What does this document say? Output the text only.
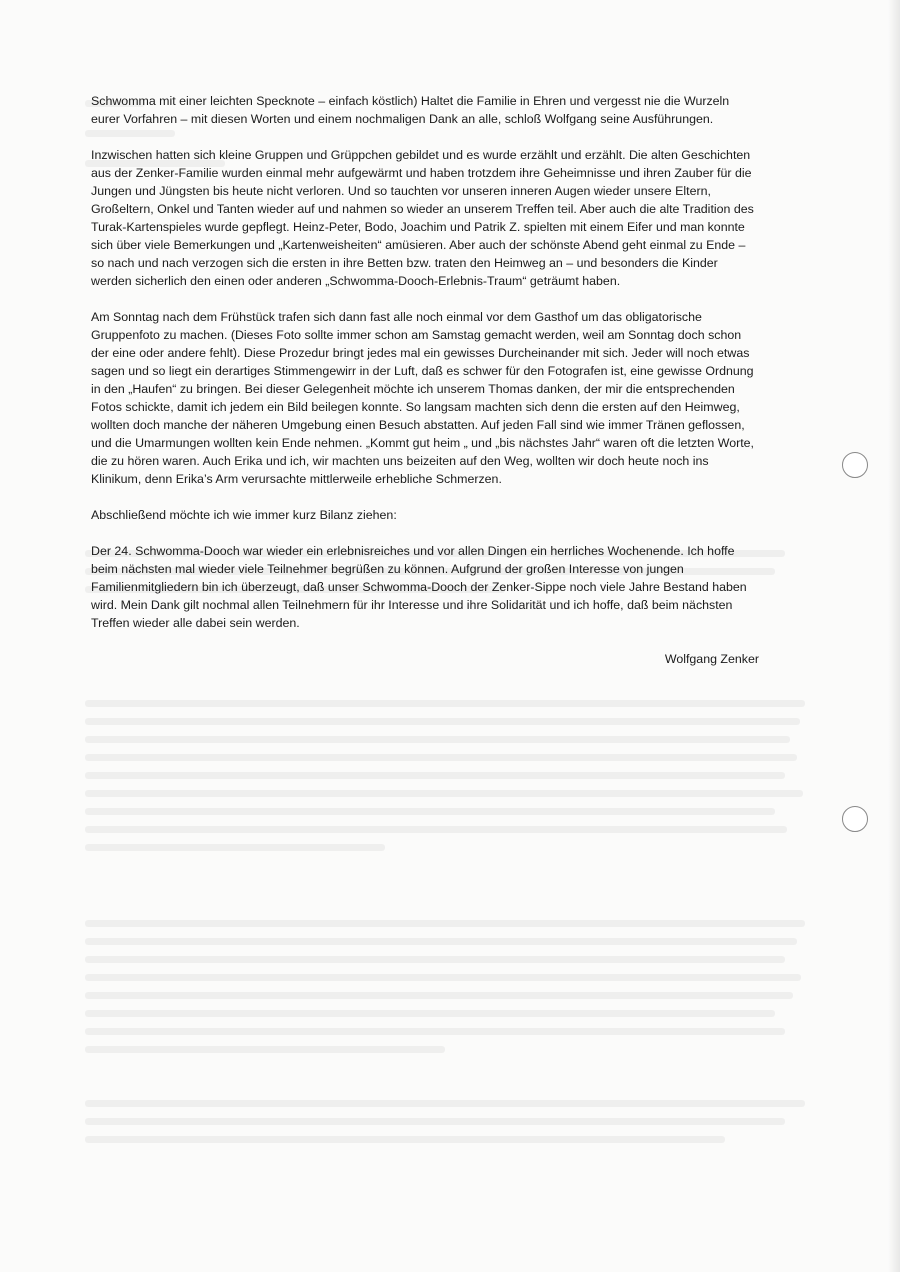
Schwomma mit einer leichten Specknote – einfach köstlich) Haltet die Familie in Ehren und vergesst nie die Wurzeln eurer Vorfahren – mit diesen Worten und einem nochmaligen Dank an alle, schloß Wolfgang seine Ausführungen.

Inzwischen hatten sich kleine Gruppen und Grüppchen gebildet und es wurde erzählt und erzählt. Die alten Geschichten aus der Zenker-Familie wurden einmal mehr aufgewärmt und haben trotzdem ihre Geheimnisse und ihren Zauber für die Jungen und Jüngsten bis heute nicht verloren. Und so tauchten vor unseren inneren Augen wieder unsere Eltern, Großeltern, Onkel und Tanten wieder auf und nahmen so wieder an unserem Treffen teil. Aber auch die alte Tradition des Turak-Kartenspieles wurde gepflegt. Heinz-Peter, Bodo, Joachim und Patrik Z. spielten mit einem Eifer und man konnte sich über viele Bemerkungen und „Kartenweisheiten“ amüsieren. Aber auch der schönste Abend geht einmal zu Ende – so nach und nach verzogen sich die ersten in ihre Betten bzw. traten den Heimweg an – und besonders die Kinder werden sicherlich den einen oder anderen „Schwomma-Dooch-Erlebnis-Traum“ geträumt haben.

Am Sonntag nach dem Frühstück trafen sich dann fast alle noch einmal vor dem Gasthof um das obligatorische Gruppenfoto zu machen. (Dieses Foto sollte immer schon am Samstag gemacht werden, weil am Sonntag doch schon der eine oder andere fehlt). Diese Prozedur bringt jedes mal ein gewisses Durcheinander mit sich. Jeder will noch etwas sagen und so liegt ein derartiges Stimmengewirr in der Luft, daß es schwer für den Fotografen ist, eine gewisse Ordnung in den „Haufen“ zu bringen. Bei dieser Gelegenheit möchte ich unserem Thomas danken, der mir die entsprechenden Fotos schickte, damit ich jedem ein Bild beilegen konnte. So langsam machten sich denn die ersten auf den Heimweg, wollten doch manche der näheren Umgebung einen Besuch abstatten. Auf jeden Fall sind wie immer Tränen geflossen, und die Umarmungen wollten kein Ende nehmen. „Kommt gut heim „ und „bis nächstes Jahr“ waren oft die letzten Worte, die zu hören waren. Auch Erika und ich, wir machten uns beizeiten auf den Weg, wollten wir doch heute noch ins Klinikum, denn Erika’s Arm verursachte mittlerweile erhebliche Schmerzen.

Abschließend möchte ich wie immer kurz Bilanz ziehen:

Der 24. Schwomma-Dooch war wieder ein erlebnisreiches und vor allen Dingen ein herrliches Wochenende. Ich hoffe beim nächsten mal wieder viele Teilnehmer begrüßen zu können. Aufgrund der großen Interesse von jungen Familienmitgliedern bin ich überzeugt, daß unser Schwomma-Dooch der Zenker-Sippe noch viele Jahre Bestand haben wird. Mein Dank gilt nochmal allen Teilnehmern für ihr Interesse und ihre Solidarität und ich hoffe, daß beim nächsten Treffen wieder alle dabei sein werden.

Wolfgang Zenker
